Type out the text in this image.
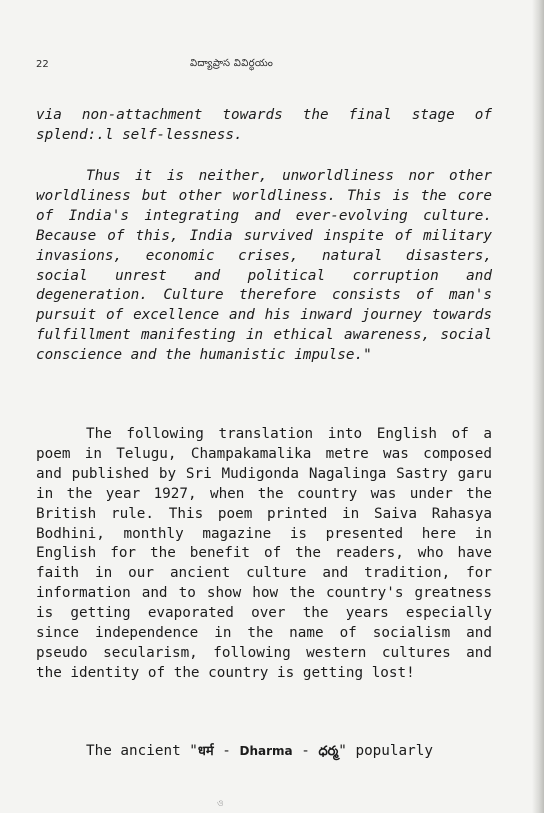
22	విద్యాప్రాస వివిర్ధయం

via non-attachment towards the final stage of splend:.l self-lessness.

Thus it is neither, unworldliness nor other worldliness but other worldliness. This is the core of India's integrating and ever-evolving culture. Because of this, India survived inspite of military invasions, economic crises, natural disasters, social unrest and political corruption and degeneration. Culture therefore consists of man's pursuit of excellence and his inward journey towards fulfillment manifesting in ethical awareness, social conscience and the humanistic impulse."

The following translation into English of a poem in Telugu, Champakamalika metre was composed and published by Sri Mudigonda Nagalinga Sastry garu in the year 1927, when the country was under the British rule. This poem printed in Saiva Rahasya Bodhini, monthly magazine is presented here in English for the benefit of the readers, who have faith in our ancient culture and tradition, for information and to show how the country's greatness is getting evaporated over the years especially since independence in the name of socialism and pseudo secularism, following western cultures and the identity of the country is getting lost!

The ancient "धर्म - Dharma - ధర్మ" popularly

ও
